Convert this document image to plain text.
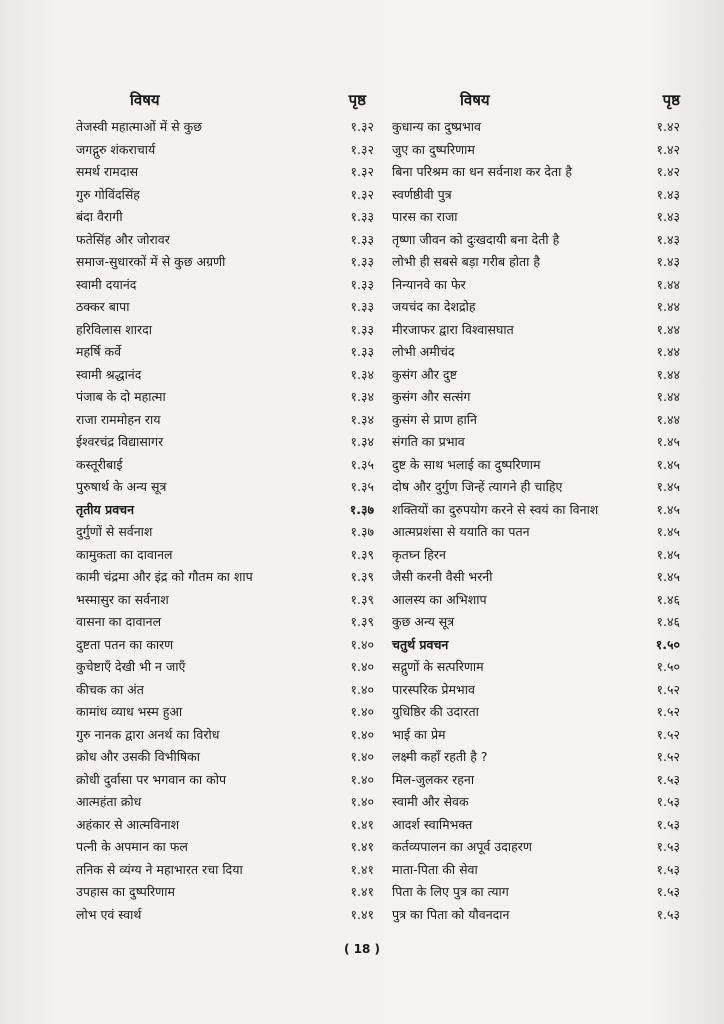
विषय	पृष्ठ
तेजस्वी महात्माओं में से कुछ	१.३२
जगद्गुरु शंकराचार्य	१.३२
समर्थ रामदास	१.३२
गुरु गोविंदसिंह	१.३२
बंदा वैरागी	१.३३
फतेसिंह और जोरावर	१.३३
समाज-सुधारकों में से कुछ अग्रणी	१.३३
स्वामी दयानंद	१.३३
ठक्कर बापा	१.३३
हरिविलास शारदा	१.३३
महर्षि कर्वे	१.३३
स्वामी श्रद्धानंद	१.३४
पंजाब के दो महात्मा	१.३४
राजा राममोहन राय	१.३४
ईश्वरचंद्र विद्यासागर	१.३४
कस्तूरीबाई	१.३५
पुरुषार्थ के अन्य सूत्र	१.३५
तृतीय प्रवचन	१.३७
दुर्गुणों से सर्वनाश	१.३७
कामुकता का दावानल	१.३९
कामी चंद्रमा और इंद्र को गौतम का शाप	१.३९
भस्मासुर का सर्वनाश	१.३९
वासना का दावानल	१.३९
दुष्टता पतन का कारण	१.४०
कुचेष्टाएँ देखी भी न जाएँ	१.४०
कीचक का अंत	१.४०
कामांध व्याध भस्म हुआ	१.४०
गुरु नानक द्वारा अनर्थ का विरोध	१.४०
क्रोध और उसकी विभीषिका	१.४०
क्रोधी दुर्वासा पर भगवान का कोप	१.४०
आत्महंता क्रोध	१.४०
अहंकार से आत्मविनाश	१.४१
पत्नी के अपमान का फल	१.४१
तनिक से व्यंग्य ने महाभारत रचा दिया	१.४१
उपहास का दुष्परिणाम	१.४१
लोभ एवं स्वार्थ	१.४१
विषय	पृष्ठ
कुधान्य का दुष्प्रभाव	१.४२
जुए का दुष्परिणाम	१.४२
बिना परिश्रम का धन सर्वनाश कर देता है	१.४२
स्वर्णष्ठीवी पुत्र	१.४३
पारस का राजा	१.४३
तृष्णा जीवन को दुःखदायी बना देती है	१.४३
लोभी ही सबसे बड़ा गरीब होता है	१.४३
निन्यानवे का फेर	१.४४
जयचंद का देशद्रोह	१.४४
मीरजाफर द्वारा विश्वासघात	१.४४
लोभी अमीचंद	१.४४
कुसंग और दुष्ट	१.४४
कुसंग और सत्संग	१.४४
कुसंग से प्राण हानि	१.४४
संगति का प्रभाव	१.४५
दुष्ट के साथ भलाई का दुष्परिणाम	१.४५
दोष और दुर्गुण जिन्हें त्यागने ही चाहिए	१.४५
शक्तियों का दुरुपयोग करने से स्वयं का विनाश	१.४५
आत्मप्रशंसा से ययाति का पतन	१.४५
कृतघ्न हिरन	१.४५
जैसी करनी वैसी भरनी	१.४५
आलस्य का अभिशाप	१.४६
कुछ अन्य सूत्र	१.४६
चतुर्थ प्रवचन	१.५०
सद्गुणों के सत्परिणाम	१.५०
पारस्परिक प्रेमभाव	१.५२
युधिष्ठिर की उदारता	१.५२
भाई का प्रेम	१.५२
लक्ष्मी कहाँ रहती है ?	१.५२
मिल-जुलकर रहना	१.५३
स्वामी और सेवक	१.५३
आदर्श स्वामिभक्त	१.५३
कर्तव्यपालन का अपूर्व उदाहरण	१.५३
माता-पिता की सेवा	१.५३
पिता के लिए पुत्र का त्याग	१.५३
पुत्र का पिता को यौवनदान	१.५३
( 18 )
